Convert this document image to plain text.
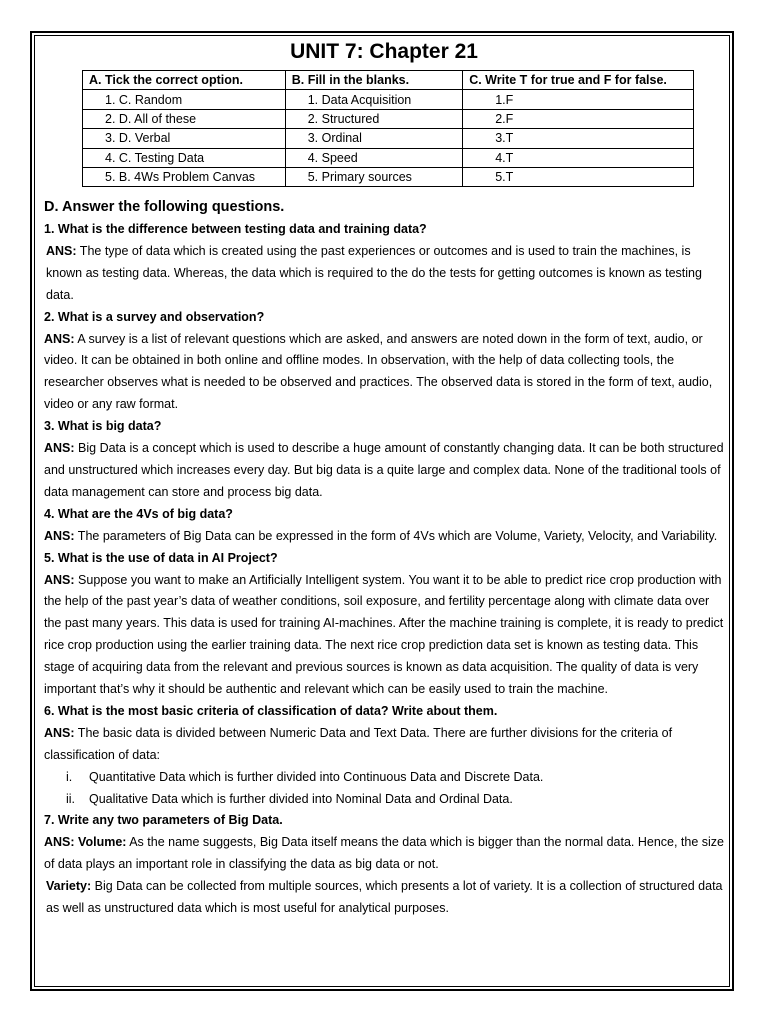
UNIT 7: Chapter 21
A. Tick the correct option.	B. Fill in the blanks.	C. Write T for true and F for false.
1. C. Random	1. Data Acquisition	1.F
2. D. All of these	2. Structured	2.F
3. D. Verbal	3. Ordinal	3.T
4. C. Testing Data	4. Speed	4.T
5. B. 4Ws Problem Canvas	5. Primary sources	5.T

D. Answer the following questions.

1. What is the difference between testing data and training data?

ANS: The type of data which is created using the past experiences or outcomes and is used to train the machines, is known as testing data. Whereas, the data which is required to the do the tests for getting outcomes is known as testing data.

2. What is a survey and observation?

ANS: A survey is a list of relevant questions which are asked, and answers are noted down in the form of text, audio, or video. It can be obtained in both online and offline modes. In observation, with the help of data collecting tools, the researcher observes what is needed to be observed and practices. The observed data is stored in the form of text, audio, video or any raw format.

3. What is big data?

ANS: Big Data is a concept which is used to describe a huge amount of constantly changing data. It can be both structured and unstructured which increases every day. But big data is a quite large and complex data. None of the traditional tools of data management can store and process big data.

4. What are the 4Vs of big data?

ANS: The parameters of Big Data can be expressed in the form of 4Vs which are Volume, Variety, Velocity, and Variability.

5. What is the use of data in AI Project?

ANS: Suppose you want to make an Artificially Intelligent system. You want it to be able to predict rice crop production with the help of the past year’s data of weather conditions, soil exposure, and fertility percentage along with climate data over the past many years. This data is used for training AI-machines. After the machine training is complete, it is ready to predict rice crop production using the earlier training data. The next rice crop prediction data set is known as testing data. This stage of acquiring data from the relevant and previous sources is known as data acquisition. The quality of data is very important that’s why it should be authentic and relevant which can be easily used to train the machine.

6. What is the most basic criteria of classification of data? Write about them.

ANS: The basic data is divided between Numeric Data and Text Data. There are further divisions for the criteria of classification of data:

i. Quantitative Data which is further divided into Continuous Data and Discrete Data.
ii. Qualitative Data which is further divided into Nominal Data and Ordinal Data.

7. Write any two parameters of Big Data.

ANS: Volume: As the name suggests, Big Data itself means the data which is bigger than the normal data. Hence, the size of data plays an important role in classifying the data as big data or not.

Variety: Big Data can be collected from multiple sources, which presents a lot of variety. It is a collection of structured data as well as unstructured data which is most useful for analytical purposes.
